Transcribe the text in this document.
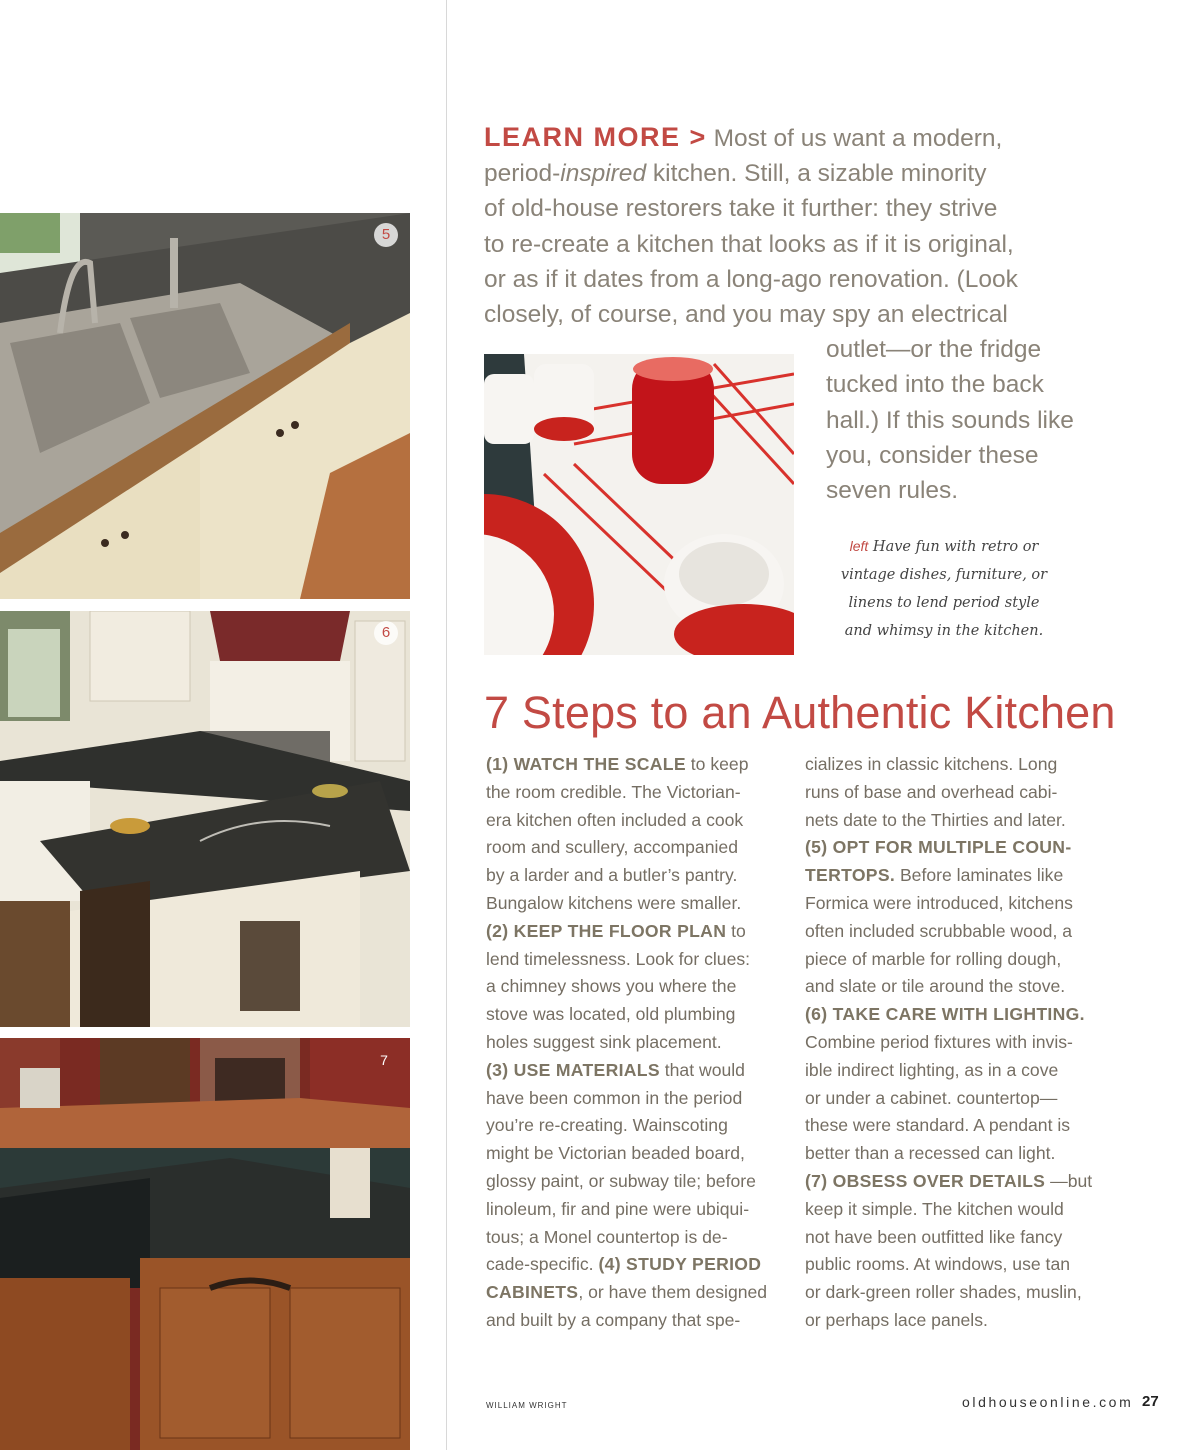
5
6
7
LEARN MORE > Most of us want a modern,
period-inspired kitchen. Still, a sizable minority
of old-house restorers take it further: they strive
to re-create a kitchen that looks as if it is original,
or as if it dates from a long-ago renovation. (Look
closely, of course, and you may spy an electrical
outlet—or the fridge
tucked into the back
hall.) If this sounds like
you, consider these
seven rules.
left Have fun with retro or
vintage dishes, furniture, or
linens to lend period style
and whimsy in the kitchen.
7 Steps to an Authentic Kitchen
(1) WATCH THE SCALE to keep
the room credible. The Victorian-
era kitchen often included a cook
room and scullery, accompanied
by a larder and a butler’s pantry.
Bungalow kitchens were smaller.
(2) KEEP THE FLOOR PLAN to
lend timelessness. Look for clues:
a chimney shows you where the
stove was located, old plumbing
holes suggest sink placement.
(3) USE MATERIALS that would
have been common in the period
you’re re-creating. Wainscoting
might be Victorian beaded board,
glossy paint, or subway tile; before
linoleum, fir and pine were ubiqui-
tous; a Monel countertop is de-
cade-specific. (4) STUDY PERIOD
CABINETS, or have them designed
and built by a company that spe-
cializes in classic kitchens. Long
runs of base and overhead cabi-
nets date to the Thirties and later.
(5) OPT FOR MULTIPLE COUN-
TERTOPS. Before laminates like
Formica were introduced, kitchens
often included scrubbable wood, a
piece of marble for rolling dough,
and slate or tile around the stove.
(6) TAKE CARE WITH LIGHTING.
Combine period fixtures with invis-
ible indirect lighting, as in a cove
or under a cabinet. countertop—
these were standard. A pendant is
better than a recessed can light.
(7) OBSESS OVER DETAILS —but
keep it simple. The kitchen would
not have been outfitted like fancy
public rooms. At windows, use tan
or dark-green roller shades, muslin,
or perhaps lace panels.
WILLIAM WRIGHT	oldhouseonline.com 27
